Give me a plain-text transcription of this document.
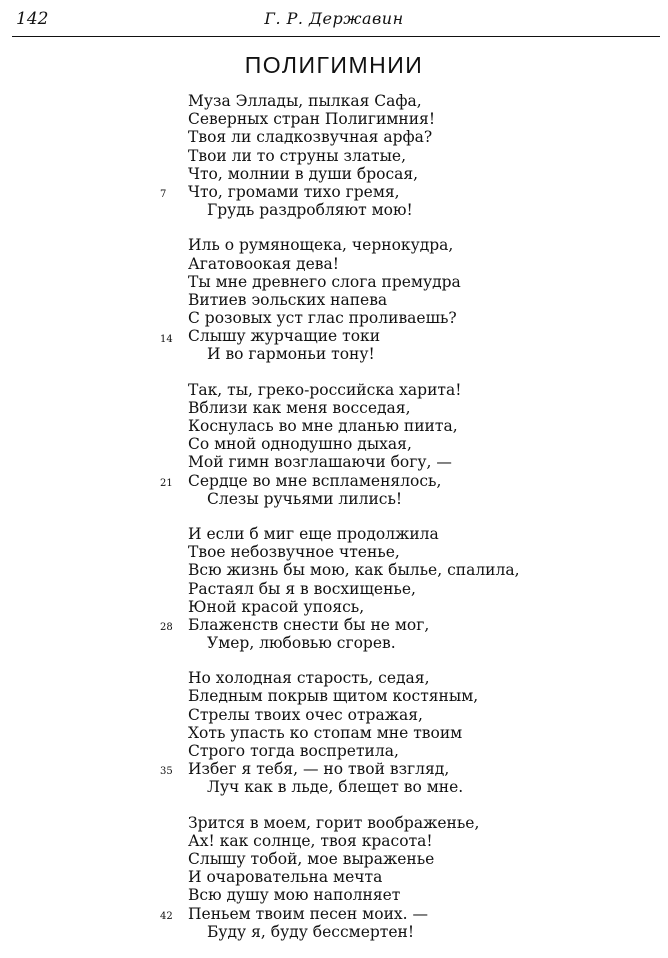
142	Г. Р. Державин
ПОЛИГИМНИИ
Муза Эллады, пылкая Сафа,
Северных стран Полигимния!
Твоя ли сладкозвучная арфа?
Твои ли то струны златые,
Что, молнии в души бросая,
Что, громами тихо гремя,
Грудь раздробляют мою!
7
Иль о румянощека, чернокудра,
Агатовоокая дева!
Ты мне древнего слога премудра
Витиев эольских напева
С розовых уст глас проливаешь?
Слышу журчащие токи
И во гармоньи тону!
14
Так, ты, греко-российска харита!
Вблизи как меня восседая,
Коснулась во мне дланью пиита,
Со мной однодушно дыхая,
Мой гимн возглашаючи богу, —
Сердце во мне вспламенялось,
Слезы ручьями лились!
21
И если б миг еще продолжила
Твое небозвучное чтенье,
Всю жизнь бы мою, как былье, спалила,
Растаял бы я в восхищенье,
Юной красой упоясь,
Блаженств снести бы не мог,
Умер, любовью сгорев.
28
Но холодная старость, седая,
Бледным покрыв щитом костяным,
Стрелы твоих очес отражая,
Хоть упасть ко стопам мне твоим
Строго тогда воспретила,
Избег я тебя, — но твой взгляд,
Луч как в льде, блещет во мне.
35
Зрится в моем, горит воображенье,
Ах! как солнце, твоя красота!
Слышу тобой, мое выраженье
И очаровательна мечта
Всю душу мою наполняет
Пеньем твоим песен моих. —
Буду я, буду бессмертен!
42
